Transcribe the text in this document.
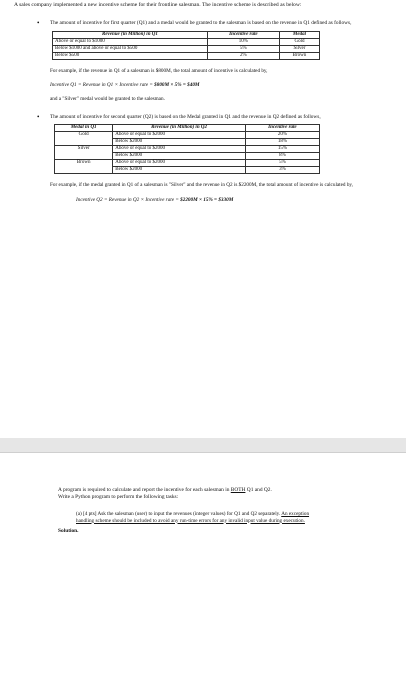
A sales company implemented a new incentive scheme for their frontline salesman. The incentive scheme is described as below:

• The amount of incentive for first quarter (Q1) and a medal would be granted to the salesman is based on the revenue in Q1 defined as follows,
Revenue (in Million) in Q1	Incentive rate	Medal
Above or equal to $1000	10%	Gold
Below $1000 and above or equal to $500	5%	Silver
Below $500	2%	Brown

For example, if the revenue in Q1 of a salesman is $800M, the total amount of incentive is calculated by,

Incentive Q1 = Revenue in Q1 × Incentive rate = $800M × 5% = $40M

and a "Silver" medal would be granted to the salesman.

• The amount of incentive for second quarter (Q2) is based on the Medal granted in Q1 and the revenue in Q2 defined as follows,
Medal in Q1	Revenue (in Million) in Q2	Incentive rate
Gold	Above or equal to $2000	20%
	Below $2000	18%
Silver	Above or equal to $2000	15%
	Below $2000	8%
Brown	Above or equal to $2000	5%
	Below $2000	3%

For example, if the medal granted in Q1 of a salesman is "Silver" and the revenue in Q2 is $2200M, the total amount of incentive is calculated by,

Incentive Q2 = Revenue in Q2 × Incentive rate = $2200M × 15% = $330M

A program is required to calculate and report the incentive for each salesman in BOTH Q1 and Q2.
Write a Python program to perform the following tasks:

(a) [4 pts] Ask the salesman (user) to input the revenues (integer values) for Q1 and Q2 separately. An exception handling scheme should be included to avoid any run-time errors for any invalid input value during execution.

Solution.
